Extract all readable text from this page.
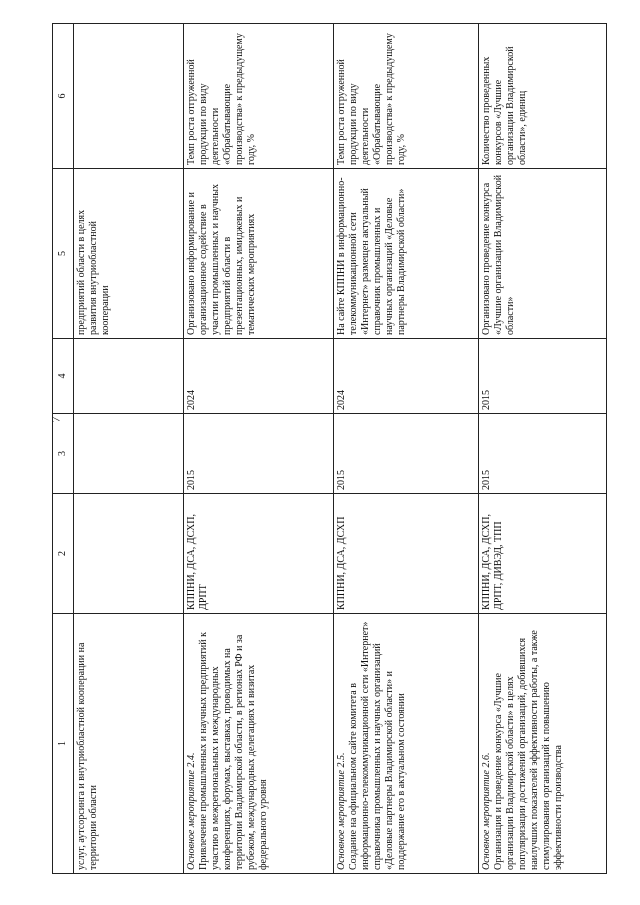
7
1	2	3	4	5	6

услуг, аутсорсинга и внутриобластной кооперации на территории области				предприятий области в целях развития внутриобластной кооперации	

Основное мероприятие 2.4. Привлечение промышленных и научных предприятий к участию в межрегиональных и международных конференциях, форумах, выставках, проводимых на территории Владимирской области, в регионах РФ и за рубежом, международных делегациях и визитах федерального уровня	КППНИ, ДСА, ДСХП, ДРПТ	2015	2024	Организовано информирование и организационное содействие в участии промышленных и научных предприятий области в презентационных, имиджевых и тематических мероприятиях	Темп роста отгруженной продукции по виду деятельности «Обрабатывающие производства» к предыдущему году, %

Основное мероприятие 2.5. Создание на официальном сайте комитета в информационно-телекоммуникационной сети «Интернет» справочника промышленных и научных организаций «Деловые партнеры Владимирской области» и поддержание его в актуальном состоянии	КППНИ, ДСА, ДСХП	2015	2024	На сайте КППНИ в информационно-телекоммуникационной сети «Интернет» размещен актуальный справочник промышленных и научных организаций «Деловые партнеры Владимирской области»	Темп роста отгруженной продукции по виду деятельности «Обрабатывающие производства» к предыдущему году, %

Основное мероприятие 2.6. Организация и проведение конкурса «Лучшие организации Владимирской области» в целях популяризации достижений организаций, добившихся наилучших показателей эффективности работы, а также стимулирования организаций к повышению эффективности производства	КППНИ, ДСА, ДСХП, ДРПТ, ДИВЭД, ТПП	2015	2015	Организовано проведение конкурса «Лучшие организации Владимирской области»	Количество проведенных конкурсов «Лучшие организации Владимирской области», единиц
